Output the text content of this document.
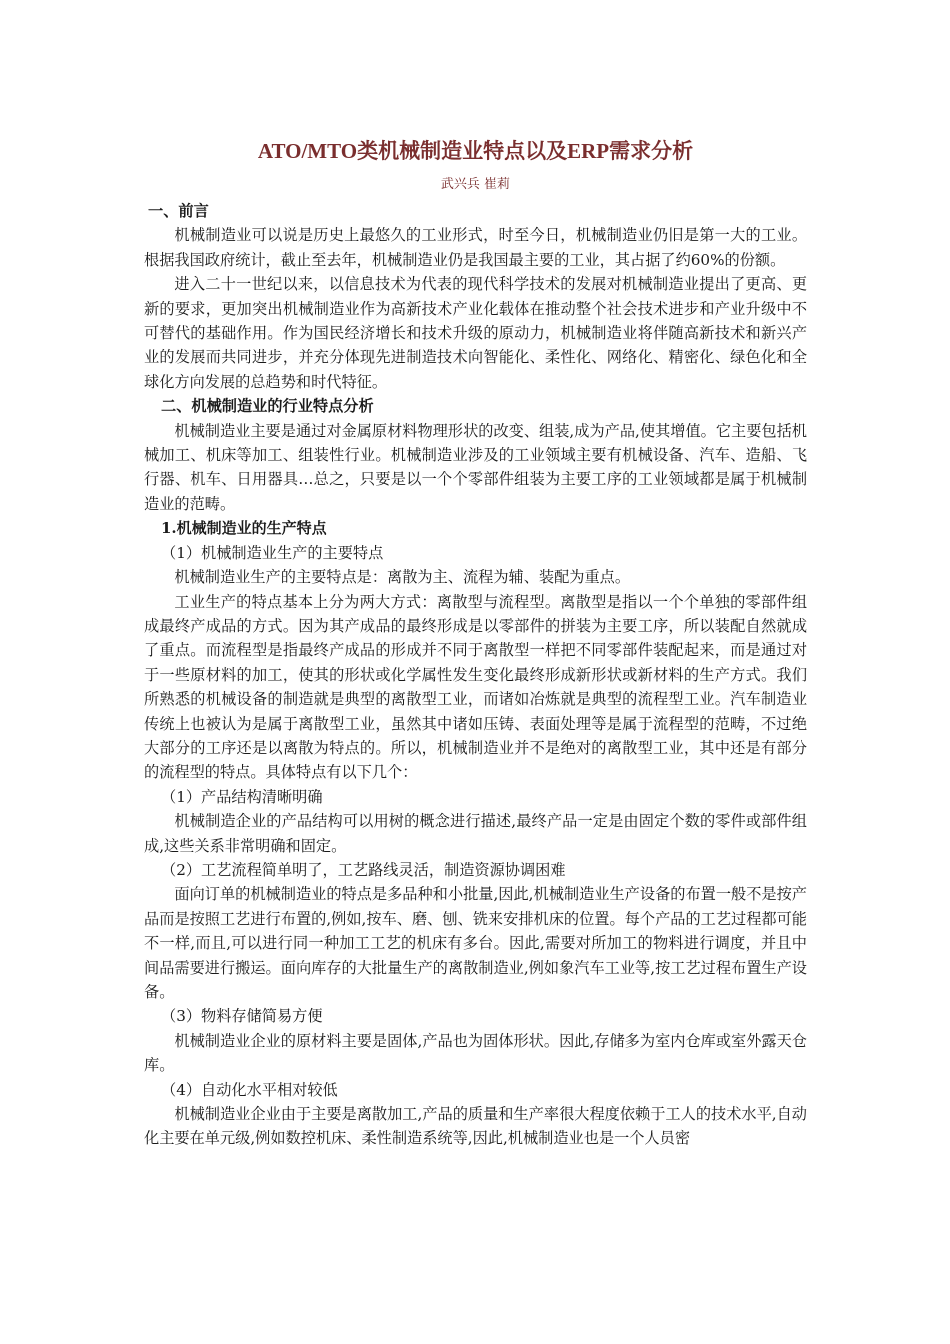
ATO/MTO类机械制造业特点以及ERP需求分析
武兴兵 崔莉
一、前言
机械制造业可以说是历史上最悠久的工业形式，时至今日，机械制造业仍旧是第一大的工业。根据我国政府统计，截止至去年，机械制造业仍是我国最主要的工业，其占据了约60%的份额。
进入二十一世纪以来，以信息技术为代表的现代科学技术的发展对机械制造业提出了更高、更新的要求，更加突出机械制造业作为高新技术产业化载体在推动整个社会技术进步和产业升级中不可替代的基础作用。作为国民经济增长和技术升级的原动力，机械制造业将伴随高新技术和新兴产业的发展而共同进步，并充分体现先进制造技术向智能化、柔性化、网络化、精密化、绿色化和全球化方向发展的总趋势和时代特征。
二、机械制造业的行业特点分析
机械制造业主要是通过对金属原材料物理形状的改变、组装,成为产品,使其增值。它主要包括机械加工、机床等加工、组装性行业。机械制造业涉及的工业领域主要有机械设备、汽车、造船、飞行器、机车、日用器具…总之，只要是以一个个零部件组装为主要工序的工业领域都是属于机械制造业的范畴。
1.机械制造业的生产特点
（1）机械制造业生产的主要特点
机械制造业生产的主要特点是：离散为主、流程为辅、装配为重点。
工业生产的特点基本上分为两大方式：离散型与流程型。离散型是指以一个个单独的零部件组成最终产成品的方式。因为其产成品的最终形成是以零部件的拼装为主要工序，所以装配自然就成了重点。而流程型是指最终产成品的形成并不同于离散型一样把不同零部件装配起来，而是通过对于一些原材料的加工，使其的形状或化学属性发生变化最终形成新形状或新材料的生产方式。我们所熟悉的机械设备的制造就是典型的离散型工业，而诸如冶炼就是典型的流程型工业。汽车制造业传统上也被认为是属于离散型工业，虽然其中诸如压铸、表面处理等是属于流程型的范畴，不过绝大部分的工序还是以离散为特点的。所以，机械制造业并不是绝对的离散型工业，其中还是有部分的流程型的特点。具体特点有以下几个：
（1）产品结构清晰明确
机械制造企业的产品结构可以用树的概念进行描述,最终产品一定是由固定个数的零件或部件组成,这些关系非常明确和固定。
（2）工艺流程简单明了，工艺路线灵活，制造资源协调困难
面向订单的机械制造业的特点是多品种和小批量,因此,机械制造业生产设备的布置一般不是按产品而是按照工艺进行布置的,例如,按车、磨、刨、铣来安排机床的位置。每个产品的工艺过程都可能不一样,而且,可以进行同一种加工工艺的机床有多台。因此,需要对所加工的物料进行调度，并且中间品需要进行搬运。面向库存的大批量生产的离散制造业,例如象汽车工业等,按工艺过程布置生产设备。
（3）物料存储简易方便
机械制造业企业的原材料主要是固体,产品也为固体形状。因此,存储多为室内仓库或室外露天仓库。
（4）自动化水平相对较低
机械制造业企业由于主要是离散加工,产品的质量和生产率很大程度依赖于工人的技术水平,自动化主要在单元级,例如数控机床、柔性制造系统等,因此,机械制造业也是一个人员密
